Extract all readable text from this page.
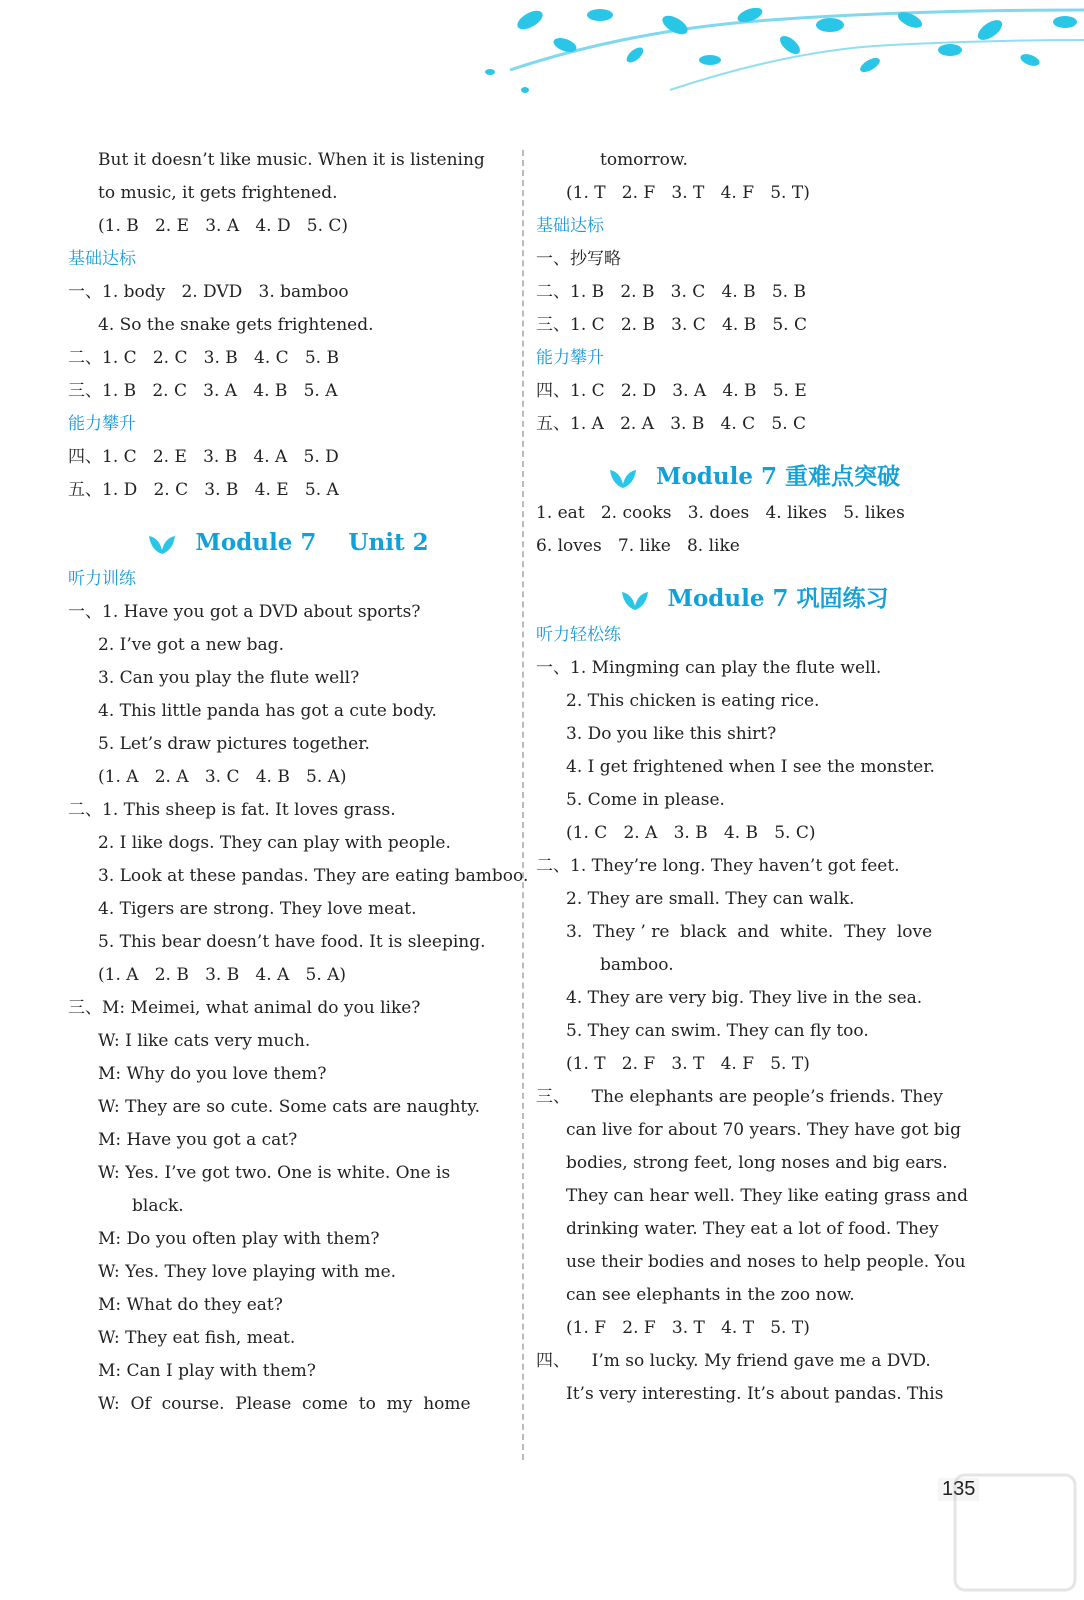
But it doesn’t like music. When it is listening
to music, it gets frightened.
(1. B   2. E   3. A   4. D   5. C)
基础达标
一、1. body   2. DVD   3. bamboo
4. So the snake gets frightened.
二、1. C   2. C   3. B   4. C   5. B
三、1. B   2. C   3. A   4. B   5. A
能力攀升
四、1. C   2. E   3. B   4. A   5. D
五、1. D   2. C   3. B   4. E   5. A
Module 7    Unit 2
听力训练
一、1. Have you got a DVD about sports?
2. I’ve got a new bag.
3. Can you play the flute well?
4. This little panda has got a cute body.
5. Let’s draw pictures together.
(1. A   2. A   3. C   4. B   5. A)
二、1. This sheep is fat. It loves grass.
2. I like dogs. They can play with people.
3. Look at these pandas. They are eating bamboo.
4. Tigers are strong. They love meat.
5. This bear doesn’t have food. It is sleeping.
(1. A   2. B   3. B   4. A   5. A)
三、M: Meimei, what animal do you like?
W: I like cats very much.
M: Why do you love them?
W: They are so cute. Some cats are naughty.
M: Have you got a cat?
W: Yes. I’ve got two. One is white. One is
black.
M: Do you often play with them?
W: Yes. They love playing with me.
M: What do they eat?
W: They eat fish, meat.
M: Can I play with them?
W:  Of  course.  Please  come  to  my  home
tomorrow.
(1. T   2. F   3. T   4. F   5. T)
基础达标
一、抄写略
二、1. B   2. B   3. C   4. B   5. B
三、1. C   2. B   3. C   4. B   5. C
能力攀升
四、1. C   2. D   3. A   4. B   5. E
五、1. A   2. A   3. B   4. C   5. C
Module 7 重难点突破
1. eat   2. cooks   3. does   4. likes   5. likes
6. loves   7. like   8. like
Module 7 巩固练习
听力轻松练
一、1. Mingming can play the flute well.
2. This chicken is eating rice.
3. Do you like this shirt?
4. I get frightened when I see the monster.
5. Come in please.
(1. C   2. A   3. B   4. B   5. C)
二、1. They’re long. They haven’t got feet.
2. They are small. They can walk.
3.  They ’ re  black  and  white.  They  love
bamboo.
4. They are very big. They live in the sea.
5. They can swim. They can fly too.
(1. T   2. F   3. T   4. F   5. T)
三、    The elephants are people’s friends. They
can live for about 70 years. They have got big
bodies, strong feet, long noses and big ears.
They can hear well. They like eating grass and
drinking water. They eat a lot of food. They
use their bodies and noses to help people. You
can see elephants in the zoo now.
(1. F   2. F   3. T   4. T   5. T)
四、    I’m so lucky. My friend gave me a DVD.
It’s very interesting. It’s about pandas. This
135
